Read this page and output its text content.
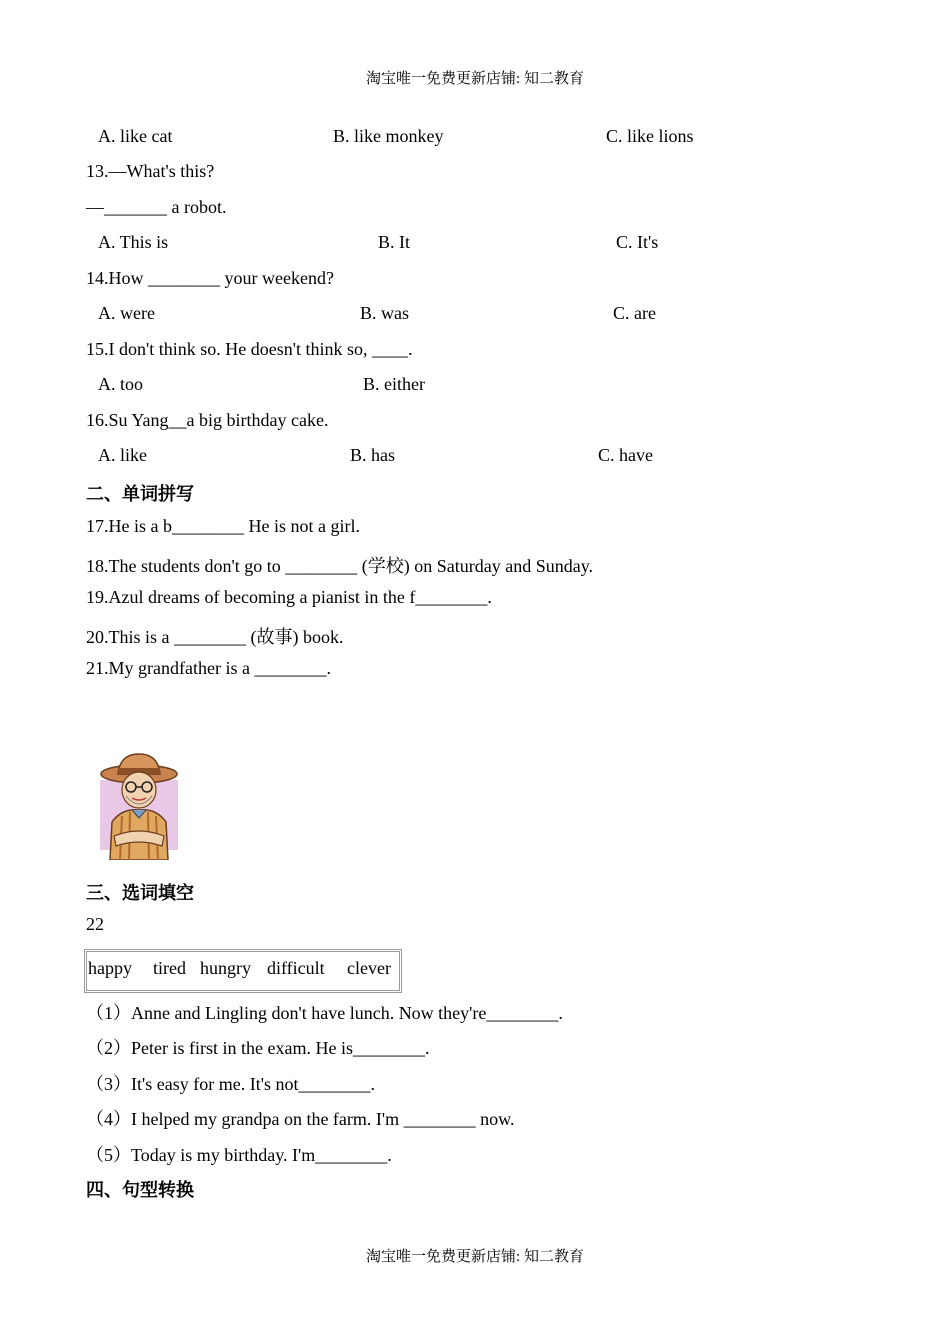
淘宝唯一免费更新店铺: 知二教育
A. like cat	B. like monkey	C. like lions
13.—What's this?
—_______ a robot.
A. This is	B. It	C. It's
14.How ________ your weekend?
A. were	B. was	C. are
15.I don't think so. He doesn't think so, ____.
A. too	B. either
16.Su Yang__a big birthday cake.
A. like	B. has	C. have
二、单词拼写
17.He is a b________ He is not a girl.
18.The students don't go to ________ (学校) on Saturday and Sunday.
19.Azul dreams of becoming a pianist in the f________.
20.This is a ________ (故事) book.
21.My grandfather is a ________.
三、选词填空
22
happy tired hungry difficult clever
（1）Anne and Lingling don't have lunch. Now they're________.
（2）Peter is first in the exam. He is________.
（3）It's easy for me. It's not________.
（4）I helped my grandpa on the farm. I'm ________ now.
（5）Today is my birthday. I'm________.
四、句型转换
淘宝唯一免费更新店铺: 知二教育
